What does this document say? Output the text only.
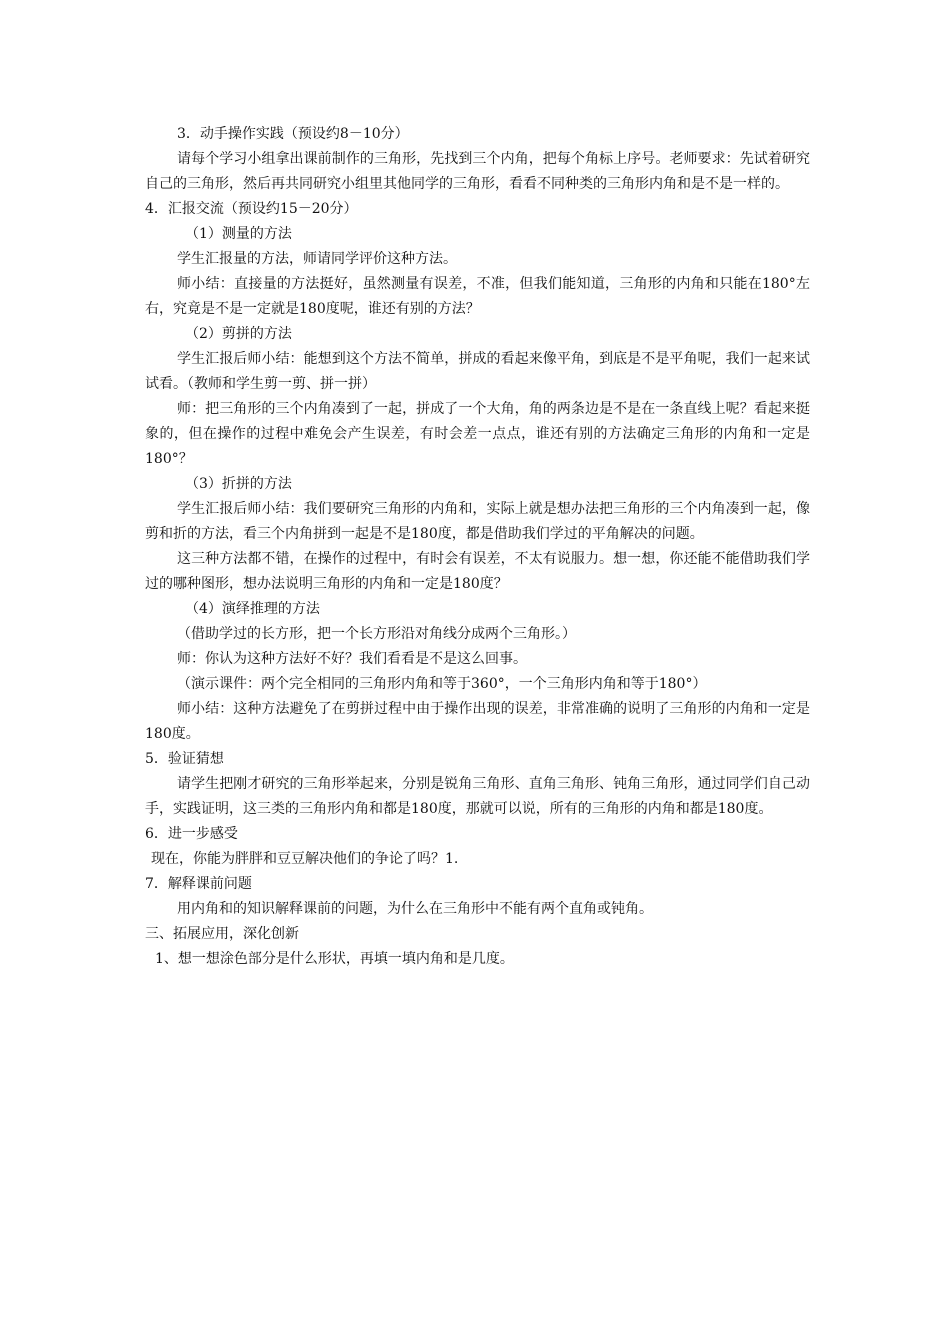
3．动手操作实践（预设约8－10分）

请每个学习小组拿出课前制作的三角形，先找到三个内角，把每个角标上序号。老师要求：先试着研究自己的三角形，然后再共同研究小组里其他同学的三角形，看看不同种类的三角形内角和是不是一样的。

4．汇报交流（预设约15－20分）

（1）测量的方法

学生汇报量的方法，师请同学评价这种方法。

师小结：直接量的方法挺好，虽然测量有误差，不准，但我们能知道，三角形的内角和只能在180°左右，究竟是不是一定就是180度呢，谁还有别的方法？

（2）剪拼的方法

学生汇报后师小结：能想到这个方法不简单，拼成的看起来像平角，到底是不是平角呢，我们一起来试试看。（教师和学生剪一剪、拼一拼）

师：把三角形的三个内角凑到了一起，拼成了一个大角，角的两条边是不是在一条直线上呢？看起来挺象的，但在操作的过程中难免会产生误差，有时会差一点点，谁还有别的方法确定三角形的内角和一定是180°？

（3）折拼的方法

学生汇报后师小结：我们要研究三角形的内角和，实际上就是想办法把三角形的三个内角凑到一起，像剪和折的方法，看三个内角拼到一起是不是180度，都是借助我们学过的平角解决的问题。

这三种方法都不错，在操作的过程中，有时会有误差，不太有说服力。想一想，你还能不能借助我们学过的哪种图形，想办法说明三角形的内角和一定是180度？

（4）演绎推理的方法

（借助学过的长方形，把一个长方形沿对角线分成两个三角形。）

师：你认为这种方法好不好？我们看看是不是这么回事。

（演示课件：两个完全相同的三角形内角和等于360°，一个三角形内角和等于180°）

师小结：这种方法避免了在剪拼过程中由于操作出现的误差，非常准确的说明了三角形的内角和一定是180度。

5．验证猜想

请学生把刚才研究的三角形举起来，分别是锐角三角形、直角三角形、钝角三角形，通过同学们自己动手，实践证明，这三类的三角形内角和都是180度，那就可以说，所有的三角形的内角和都是180度。

6．进一步感受

现在，你能为胖胖和豆豆解决他们的争论了吗？1.

7．解释课前问题

用内角和的知识解释课前的问题，为什么在三角形中不能有两个直角或钝角。

三、拓展应用，深化创新

1、想一想涂色部分是什么形状，再填一填内角和是几度。
